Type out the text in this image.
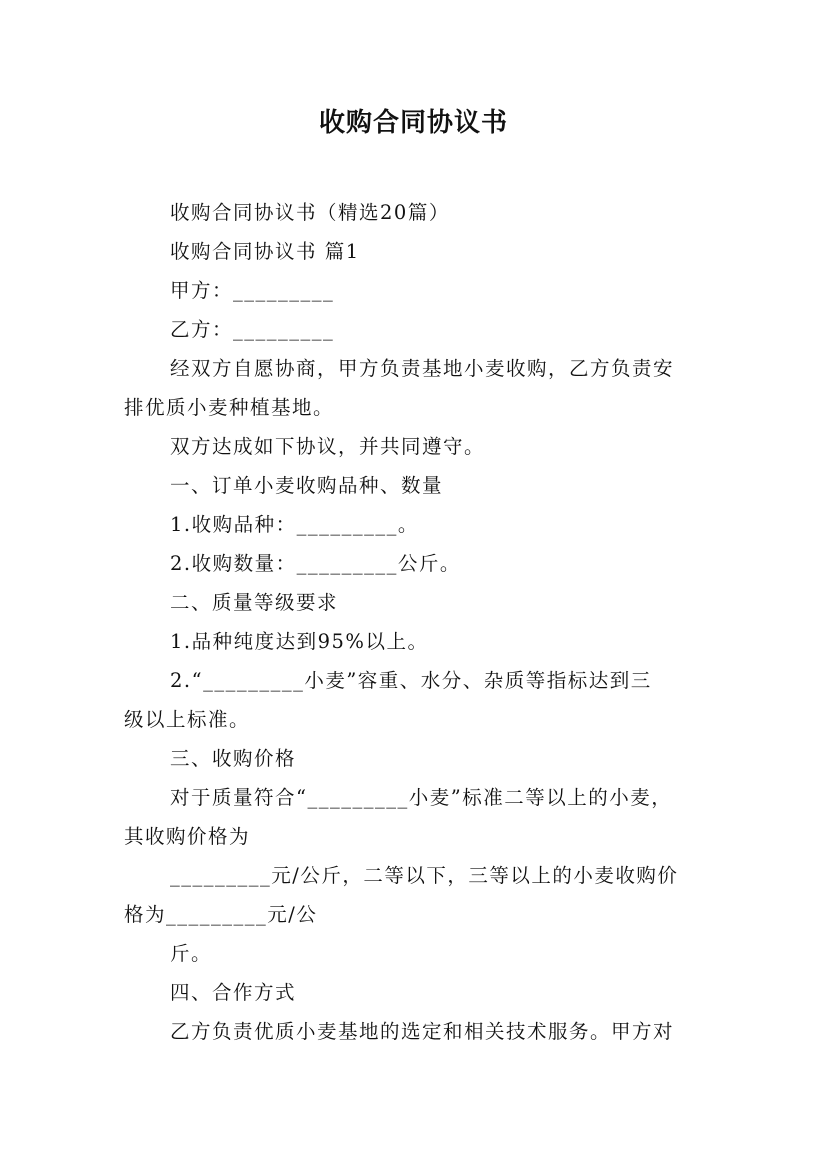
收购合同协议书

收购合同协议书（精选20篇）

收购合同协议书 篇1

甲方：_________

乙方：_________

经双方自愿协商，甲方负责基地小麦收购，乙方负责安

排优质小麦种植基地。

双方达成如下协议，并共同遵守。

一、订单小麦收购品种、数量

1.收购品种：_________。

2.收购数量：_________公斤。

二、质量等级要求

1.品种纯度达到95%以上。

2.“_________小麦”容重、水分、杂质等指标达到三

级以上标准。

三、收购价格

对于质量符合“_________小麦”标准二等以上的小麦，

其收购价格为

_________元/公斤，二等以下，三等以上的小麦收购价

格为_________元/公

斤。

四、合作方式

乙方负责优质小麦基地的选定和相关技术服务。甲方对
